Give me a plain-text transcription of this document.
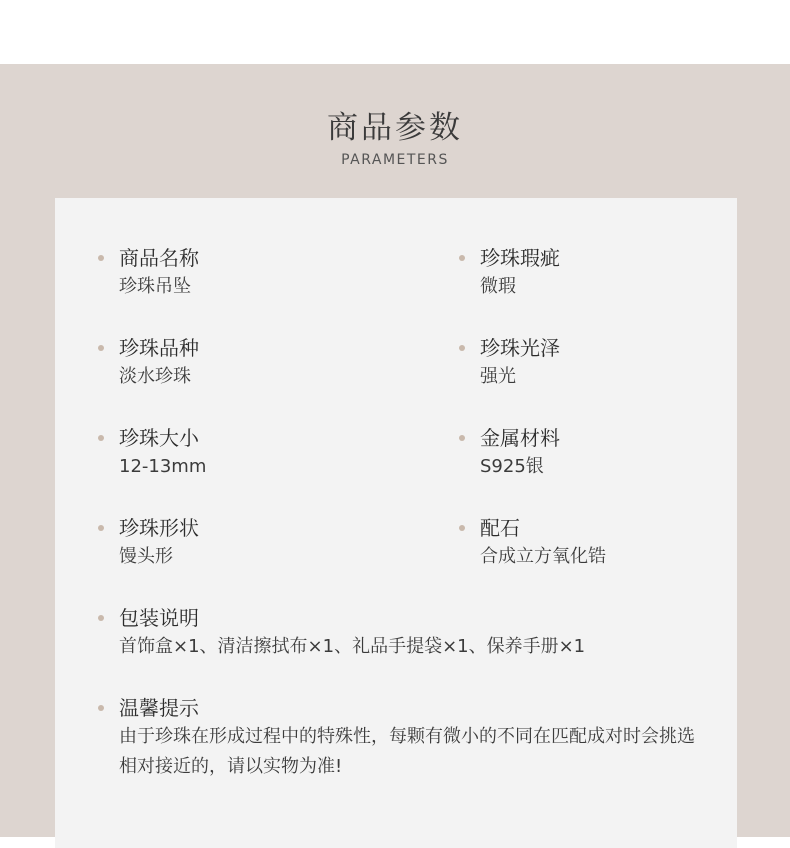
商品参数
PARAMETERS
商品名称
珍珠吊坠
珍珠瑕疵
微瑕
珍珠品种
淡水珍珠
珍珠光泽
强光
珍珠大小
12-13mm
金属材料
S925银
珍珠形状
馒头形
配石
合成立方氧化锆
包装说明
首饰盒×1、清洁擦拭布×1、礼品手提袋×1、保养手册×1
温馨提示
由于珍珠在形成过程中的特殊性，每颗有微小的不同在匹配成对时会挑选相对接近的，请以实物为准!
